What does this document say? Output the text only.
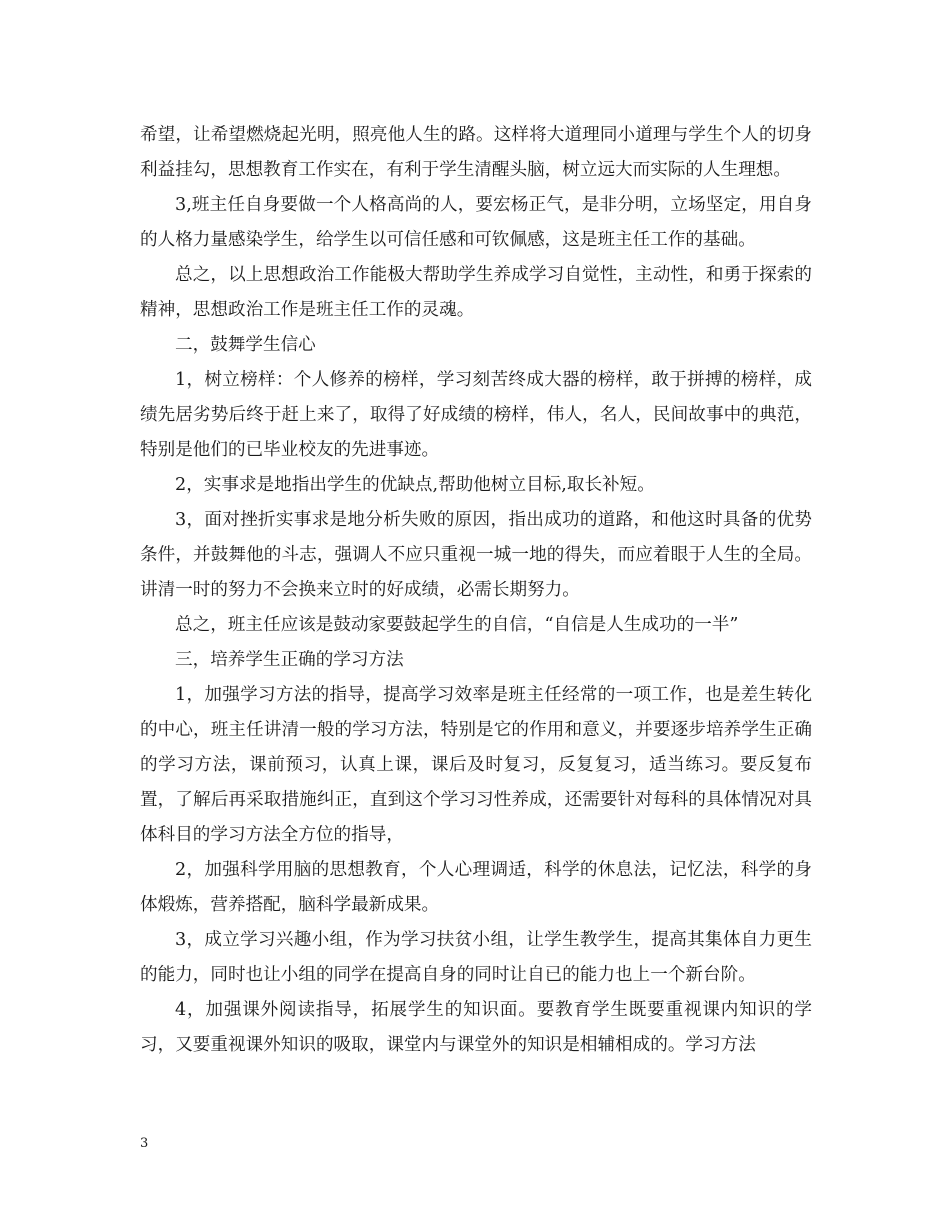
希望，让希望燃烧起光明，照亮他人生的路。这样将大道理同小道理与学生个人的切身利益挂勾，思想教育工作实在，有利于学生清醒头脑，树立远大而实际的人生理想。

3,班主任自身要做一个人格高尚的人，要宏杨正气，是非分明，立场坚定，用自身的人格力量感染学生，给学生以可信任感和可钦佩感，这是班主任工作的基础。

总之，以上思想政治工作能极大帮助学生养成学习自觉性，主动性，和勇于探索的精神，思想政治工作是班主任工作的灵魂。

二，鼓舞学生信心

1，树立榜样：个人修养的榜样，学习刻苦终成大器的榜样，敢于拼搏的榜样，成绩先居劣势后终于赶上来了，取得了好成绩的榜样，伟人，名人，民间故事中的典范，特别是他们的已毕业校友的先进事迹。

2，实事求是地指出学生的优缺点,帮助他树立目标,取长补短。

3，面对挫折实事求是地分析失败的原因，指出成功的道路，和他这时具备的优势条件，并鼓舞他的斗志，强调人不应只重视一城一地的得失，而应着眼于人生的全局。讲清一时的努力不会换来立时的好成绩，必需长期努力。

总之，班主任应该是鼓动家要鼓起学生的自信，“自信是人生成功的一半”

三，培养学生正确的学习方法

1，加强学习方法的指导，提高学习效率是班主任经常的一项工作，也是差生转化的中心，班主任讲清一般的学习方法，特别是它的作用和意义，并要逐步培养学生正确的学习方法，课前预习，认真上课，课后及时复习，反复复习，适当练习。要反复布置，了解后再采取措施纠正，直到这个学习习性养成，还需要针对每科的具体情况对具体科目的学习方法全方位的指导，

2，加强科学用脑的思想教育，个人心理调适，科学的休息法，记忆法，科学的身体煅炼，营养搭配，脑科学最新成果。

3，成立学习兴趣小组，作为学习扶贫小组，让学生教学生，提高其集体自力更生的能力，同时也让小组的同学在提高自身的同时让自已的能力也上一个新台阶。

4，加强课外阅读指导，拓展学生的知识面。要教育学生既要重视课内知识的学习，又要重视课外知识的吸取，课堂内与课堂外的知识是相辅相成的。学习方法

3
